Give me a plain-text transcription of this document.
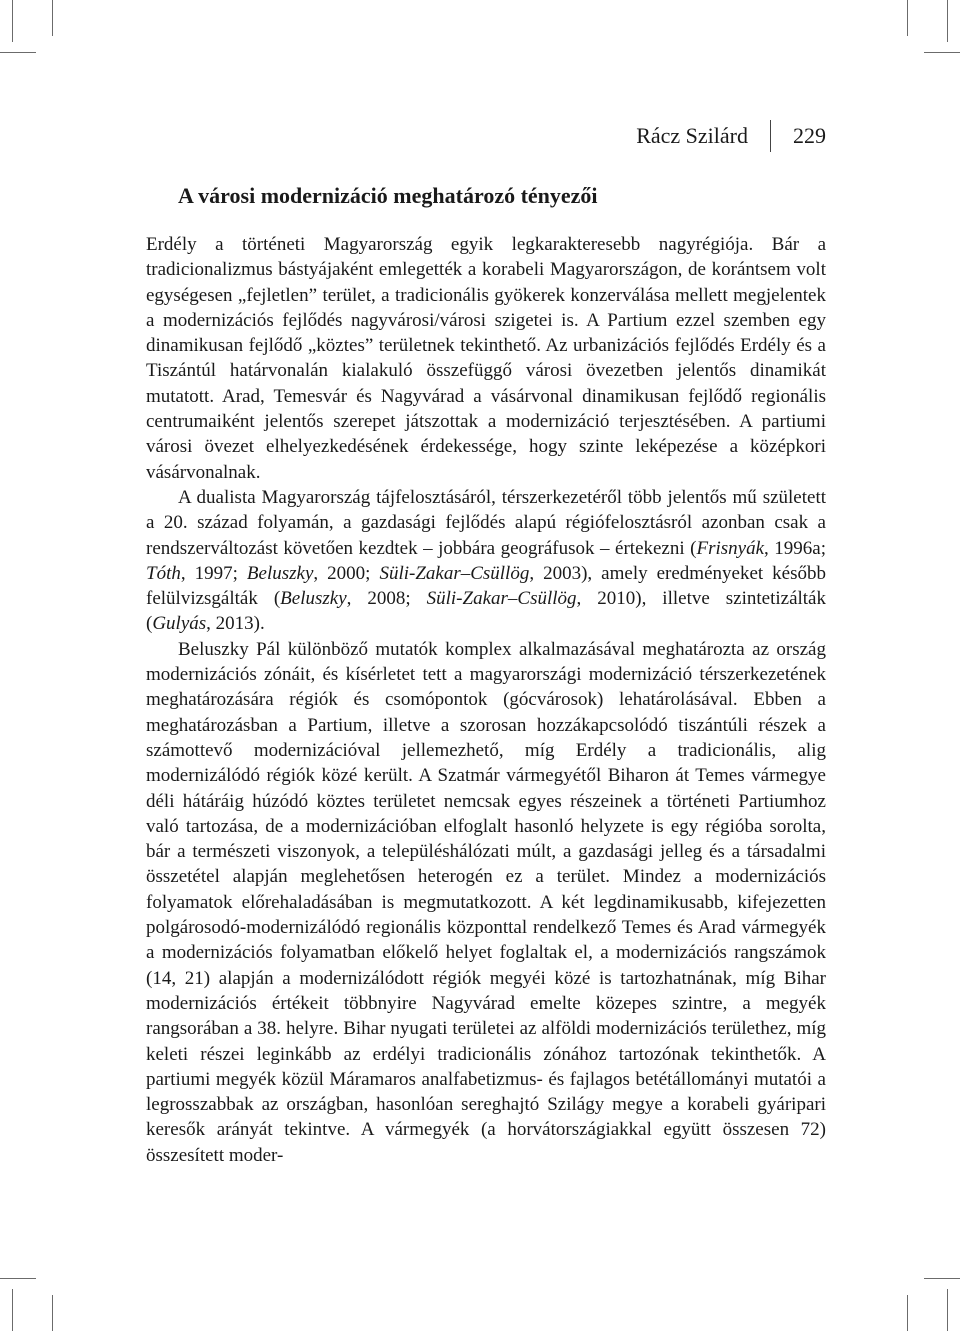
Rácz Szilárd	229
A városi modernizáció meghatározó tényezői

Erdély a történeti Magyarország egyik legkarakteresebb nagyrégiója. Bár a tradicionalizmus bástyájaként emlegették a korabeli Magyarországon, de korántsem volt egységesen „fejletlen” terület, a tradicionális gyökerek konzerválása mellett megjelentek a modernizációs fejlődés nagyvárosi/városi szigetei is. A Partium ezzel szemben egy dinamikusan fejlődő „köztes” területnek tekinthető. Az urbanizációs fejlődés Erdély és a Tiszántúl határvonalán kialakuló összefüggő városi övezetben jelentős dinamikát mutatott. Arad, Temesvár és Nagyvárad a vásárvonal dinamikusan fejlődő regionális centrumaiként jelentős szerepet játszottak a modernizáció terjesztésében. A partiumi városi övezet elhelyezkedésének érdekessége, hogy szinte leképezése a középkori vásárvonalnak.

A dualista Magyarország tájfelosztásáról, térszerkezetéről több jelentős mű született a 20. század folyamán, a gazdasági fejlődés alapú régiófelosztásról azonban csak a rendszerváltozást követően kezdtek – jobbára geográfusok – értekezni (Frisnyák, 1996a; Tóth, 1997; Beluszky, 2000; Süli-Zakar–Csüllög, 2003), amely eredményeket később felülvizsgálták (Beluszky, 2008; Süli-Zakar–Csüllög, 2010), illetve szintetizálták (Gulyás, 2013).

Beluszky Pál különböző mutatók komplex alkalmazásával meghatározta az ország modernizációs zónáit, és kísérletet tett a magyarországi modernizáció térszerkezetének meghatározására régiók és csomópontok (gócvárosok) lehatárolásával. Ebben a meghatározásban a Partium, illetve a szorosan hozzákapcsolódó tiszántúli részek a számottevő modernizációval jellemezhető, míg Erdély a tradicionális, alig modernizálódó régiók közé került. A Szatmár vármegyétől Biharon át Temes vármegye déli hátáráig húzódó köztes területet nemcsak egyes részeinek a történeti Partiumhoz való tartozása, de a modernizációban elfoglalt hasonló helyzete is egy régióba sorolta, bár a természeti viszonyok, a településhálózati múlt, a gazdasági jelleg és a társadalmi összetétel alapján meglehetősen heterogén ez a terület. Mindez a modernizációs folyamatok előrehaladásában is megmutatkozott. A két legdinamikusabb, kifejezetten polgárosodó-modernizálódó regionális központtal rendelkező Temes és Arad vármegyék a modernizációs folyamatban előkelő helyet foglaltak el, a modernizációs rangszámok (14, 21) alapján a modernizálódott régiók megyéi közé is tartozhatnának, míg Bihar modernizációs értékeit többnyire Nagyvárad emelte közepes szintre, a megyék rangsorában a 38. helyre. Bihar nyugati területei az alföldi modernizációs területhez, míg keleti részei leginkább az erdélyi tradicionális zónához tartozónak tekinthetők. A partiumi megyék közül Máramaros analfabetizmus- és fajlagos betétállományi mutatói a legrosszabbak az országban, hasonlóan sereghajtó Szilágy megye a korabeli gyáripari keresők arányát tekintve. A vármegyék (a horvátországiakkal együtt összesen 72) összesített moder-
